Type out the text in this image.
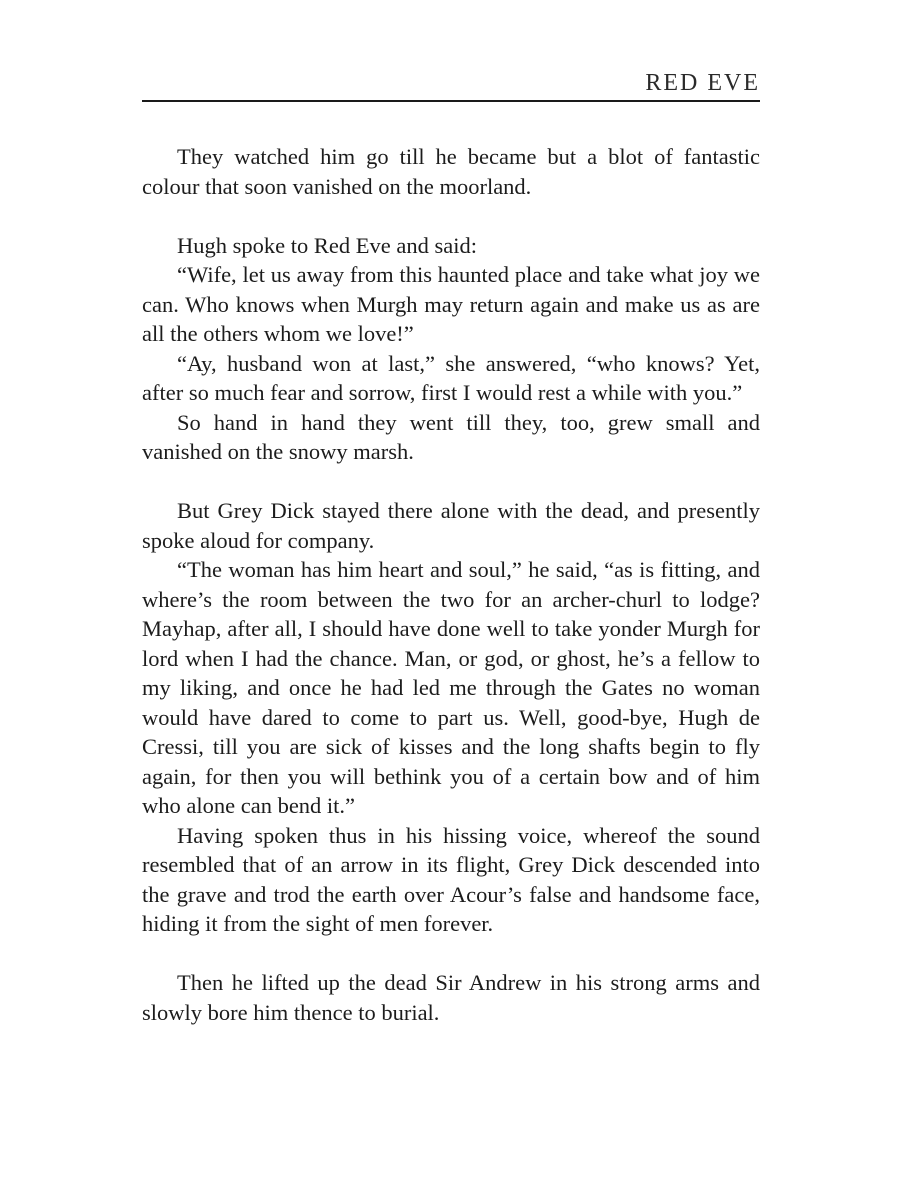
RED EVE

They watched him go till he became but a blot of fantastic colour that soon vanished on the moorland.

Hugh spoke to Red Eve and said:

“Wife, let us away from this haunted place and take what joy we can. Who knows when Murgh may return again and make us as are all the others whom we love!”

“Ay, husband won at last,” she answered, “who knows? Yet, after so much fear and sorrow, first I would rest a while with you.”

So hand in hand they went till they, too, grew small and vanished on the snowy marsh.

But Grey Dick stayed there alone with the dead, and presently spoke aloud for company.

“The woman has him heart and soul,” he said, “as is fitting, and where’s the room between the two for an archer-churl to lodge? Mayhap, after all, I should have done well to take yonder Murgh for lord when I had the chance. Man, or god, or ghost, he’s a fellow to my liking, and once he had led me through the Gates no woman would have dared to come to part us. Well, good-bye, Hugh de Cressi, till you are sick of kisses and the long shafts begin to fly again, for then you will bethink you of a certain bow and of him who alone can bend it.”

Having spoken thus in his hissing voice, whereof the sound resembled that of an arrow in its flight, Grey Dick descended into the grave and trod the earth over Acour’s false and handsome face, hiding it from the sight of men forever.

Then he lifted up the dead Sir Andrew in his strong arms and slowly bore him thence to burial.
